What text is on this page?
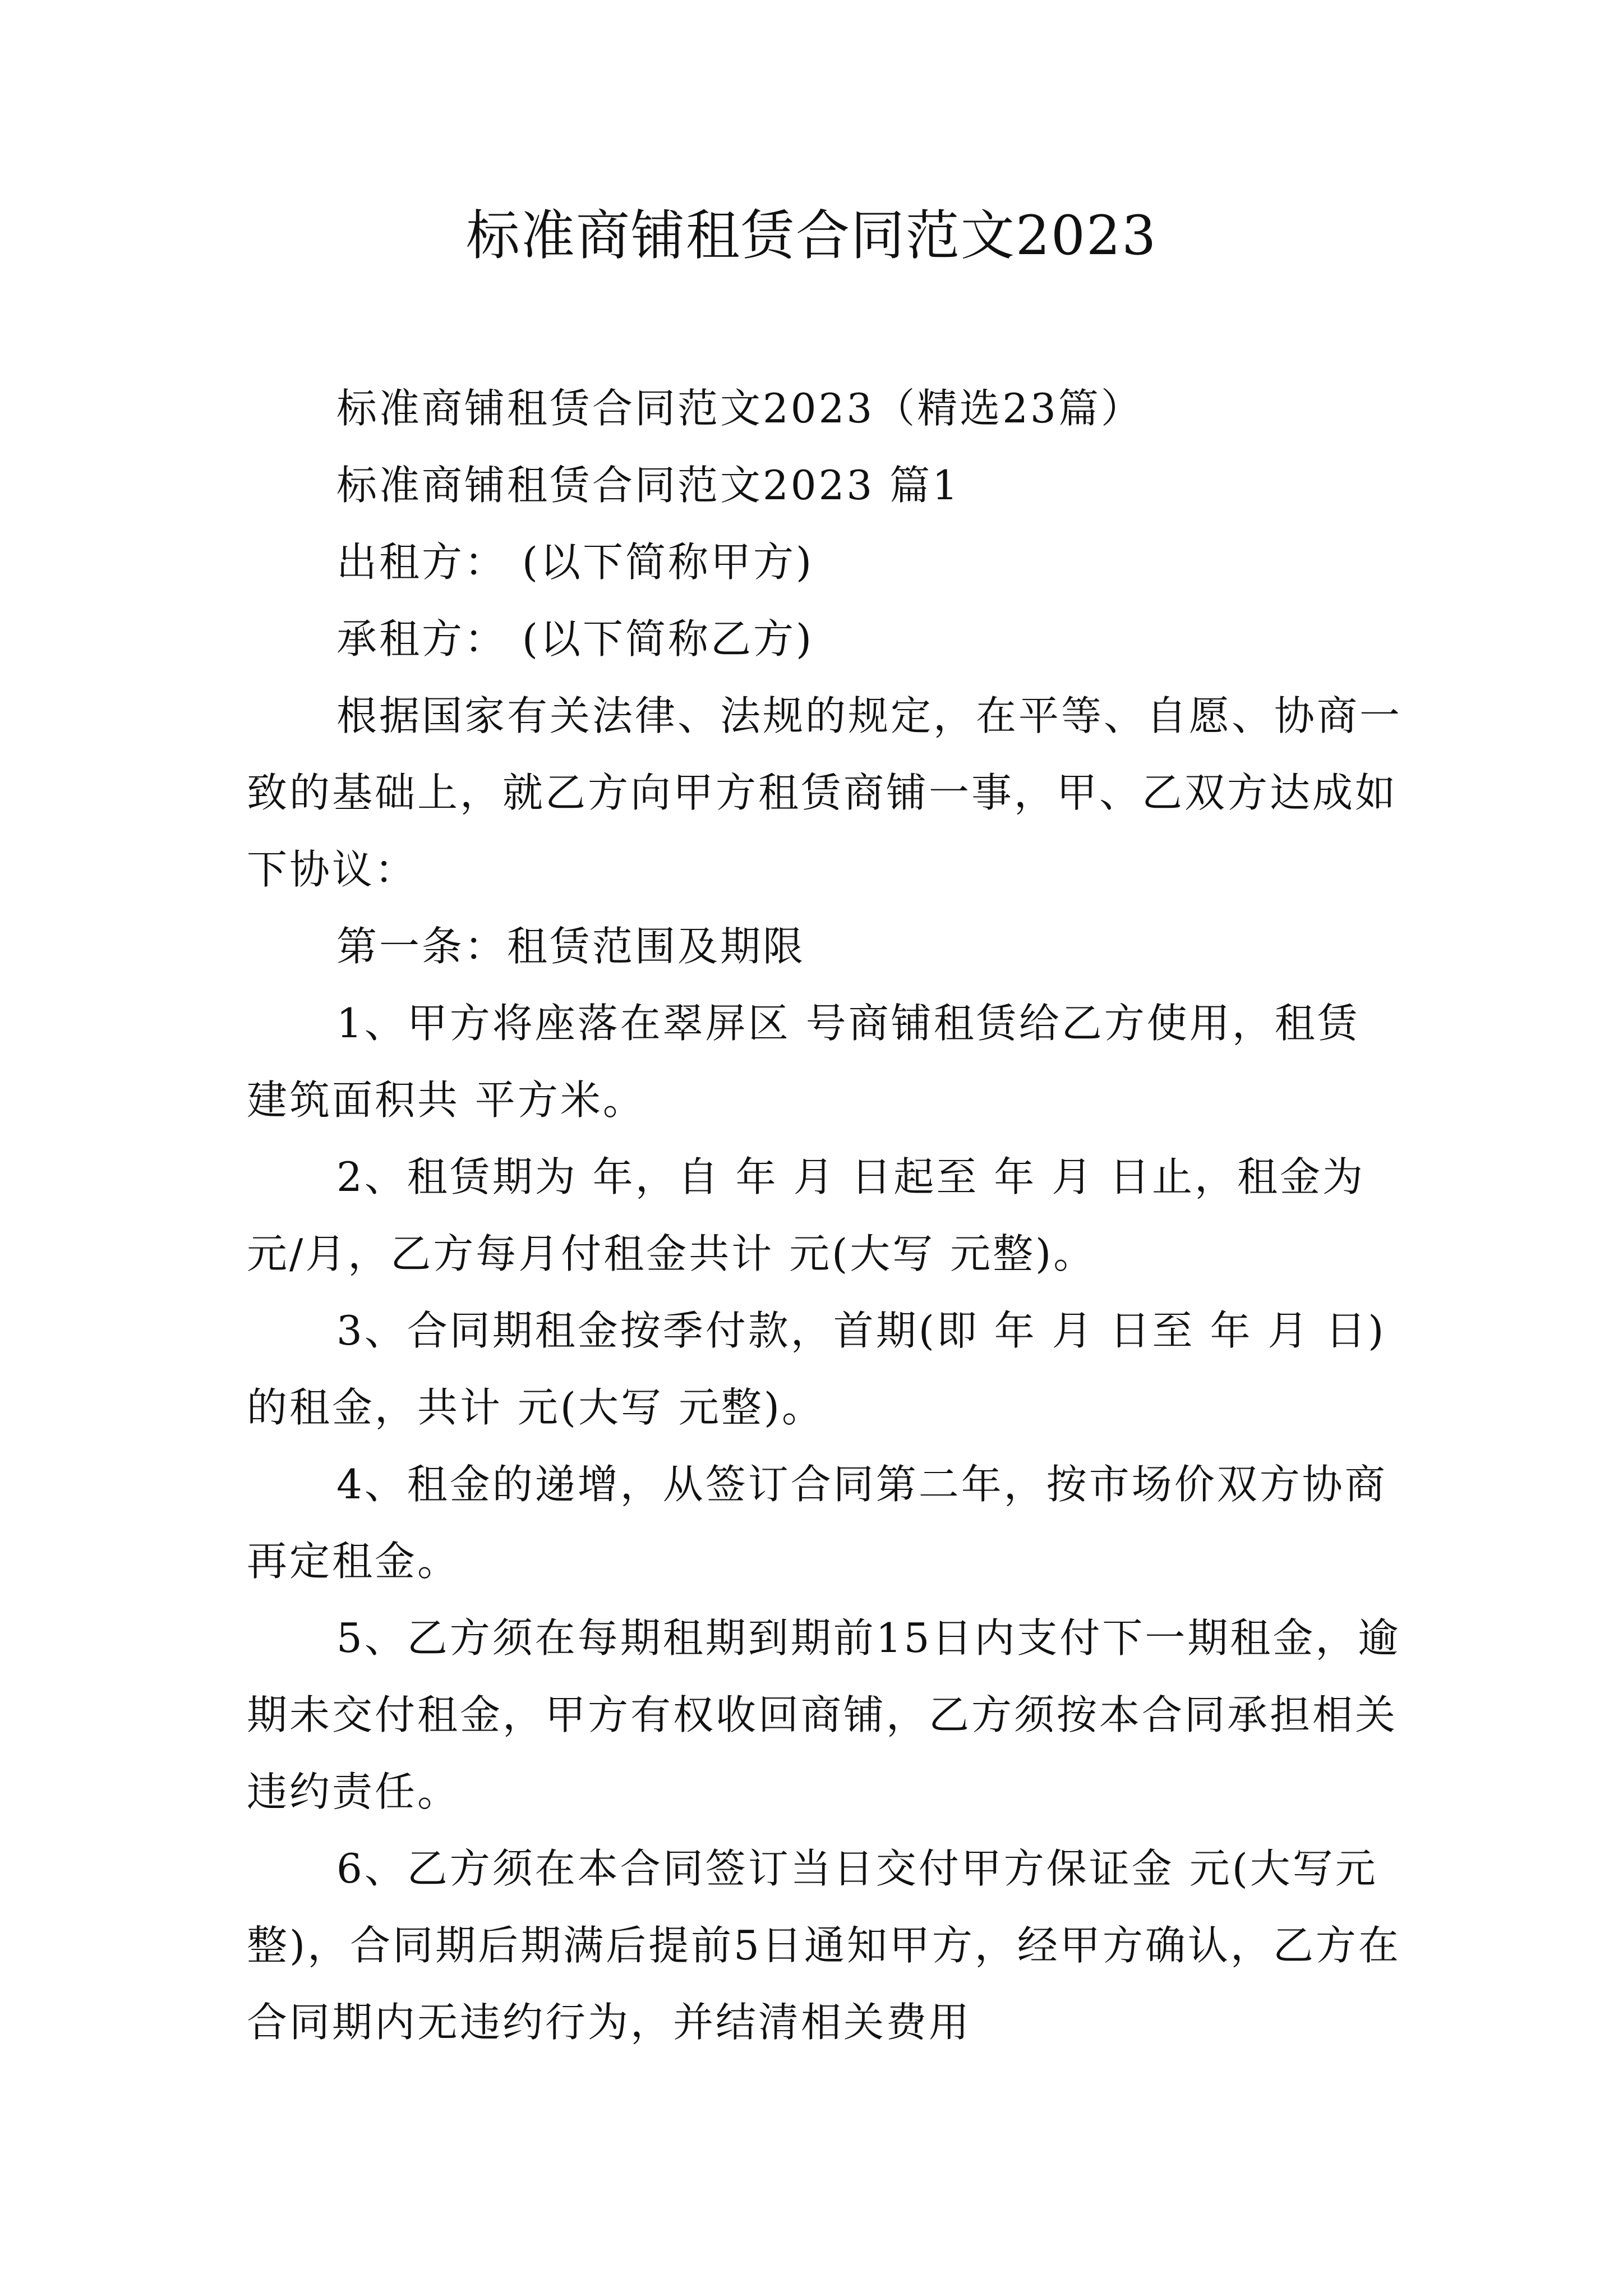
标准商铺租赁合同范文2023

标准商铺租赁合同范文2023（精选23篇）

标准商铺租赁合同范文2023 篇1

出租方： (以下简称甲方)

承租方： (以下简称乙方)

根据国家有关法律、法规的规定，在平等、自愿、协商一致的基础上，就乙方向甲方租赁商铺一事，甲、乙双方达成如下协议：

第一条：租赁范围及期限

1、甲方将座落在翠屏区 号商铺租赁给乙方使用，租赁建筑面积共 平方米。

2、租赁期为 年，自 年 月 日起至 年 月 日止，租金为 元/月，乙方每月付租金共计 元(大写 元整)。

3、合同期租金按季付款，首期(即 年 月 日至 年 月 日)的租金，共计 元(大写 元整)。

4、租金的递增，从签订合同第二年，按市场价双方协商再定租金。

5、乙方须在每期租期到期前15日内支付下一期租金，逾期未交付租金，甲方有权收回商铺，乙方须按本合同承担相关违约责任。

6、乙方须在本合同签订当日交付甲方保证金 元(大写元整)，合同期后期满后提前5日通知甲方，经甲方确认，乙方在合同期内无违约行为，并结清相关费用
